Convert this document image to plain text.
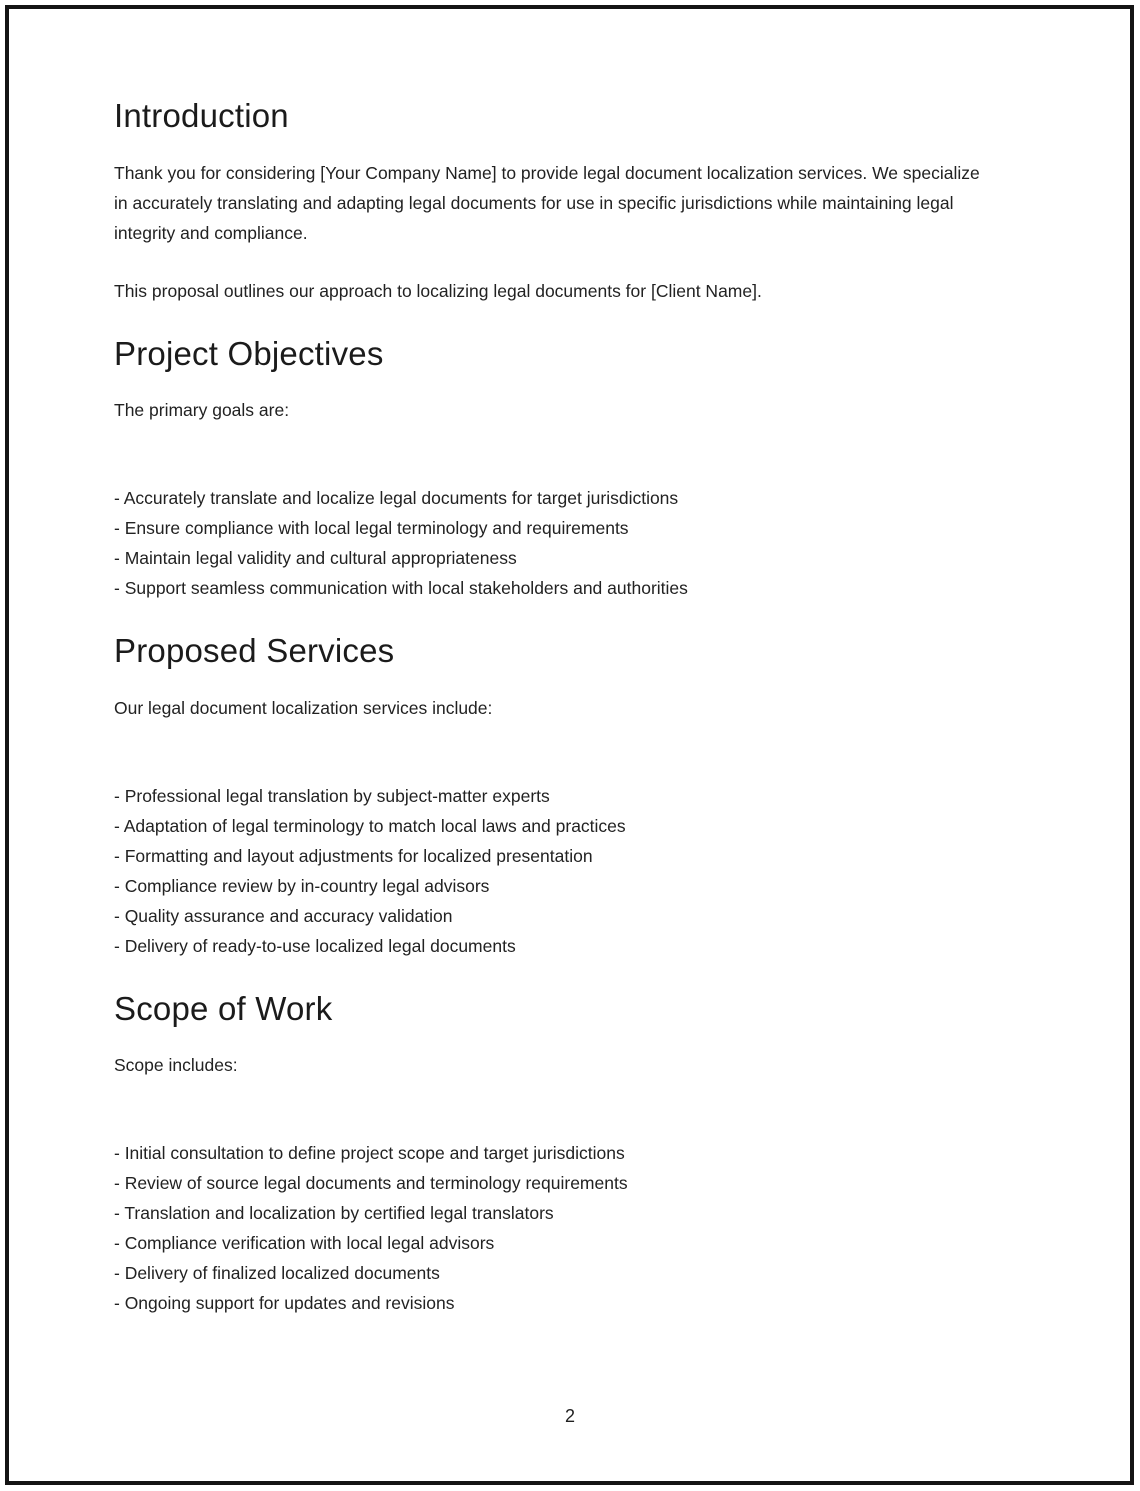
Introduction

Thank you for considering [Your Company Name] to provide legal document localization services. We specialize in accurately translating and adapting legal documents for use in specific jurisdictions while maintaining legal integrity and compliance.

This proposal outlines our approach to localizing legal documents for [Client Name].

Project Objectives

The primary goals are:

- Accurately translate and localize legal documents for target jurisdictions
- Ensure compliance with local legal terminology and requirements
- Maintain legal validity and cultural appropriateness
- Support seamless communication with local stakeholders and authorities
Proposed Services

Our legal document localization services include:

- Professional legal translation by subject-matter experts
- Adaptation of legal terminology to match local laws and practices
- Formatting and layout adjustments for localized presentation
- Compliance review by in-country legal advisors
- Quality assurance and accuracy validation
- Delivery of ready-to-use localized legal documents
Scope of Work

Scope includes:

- Initial consultation to define project scope and target jurisdictions
- Review of source legal documents and terminology requirements
- Translation and localization by certified legal translators
- Compliance verification with local legal advisors
- Delivery of finalized localized documents
- Ongoing support for updates and revisions
2
